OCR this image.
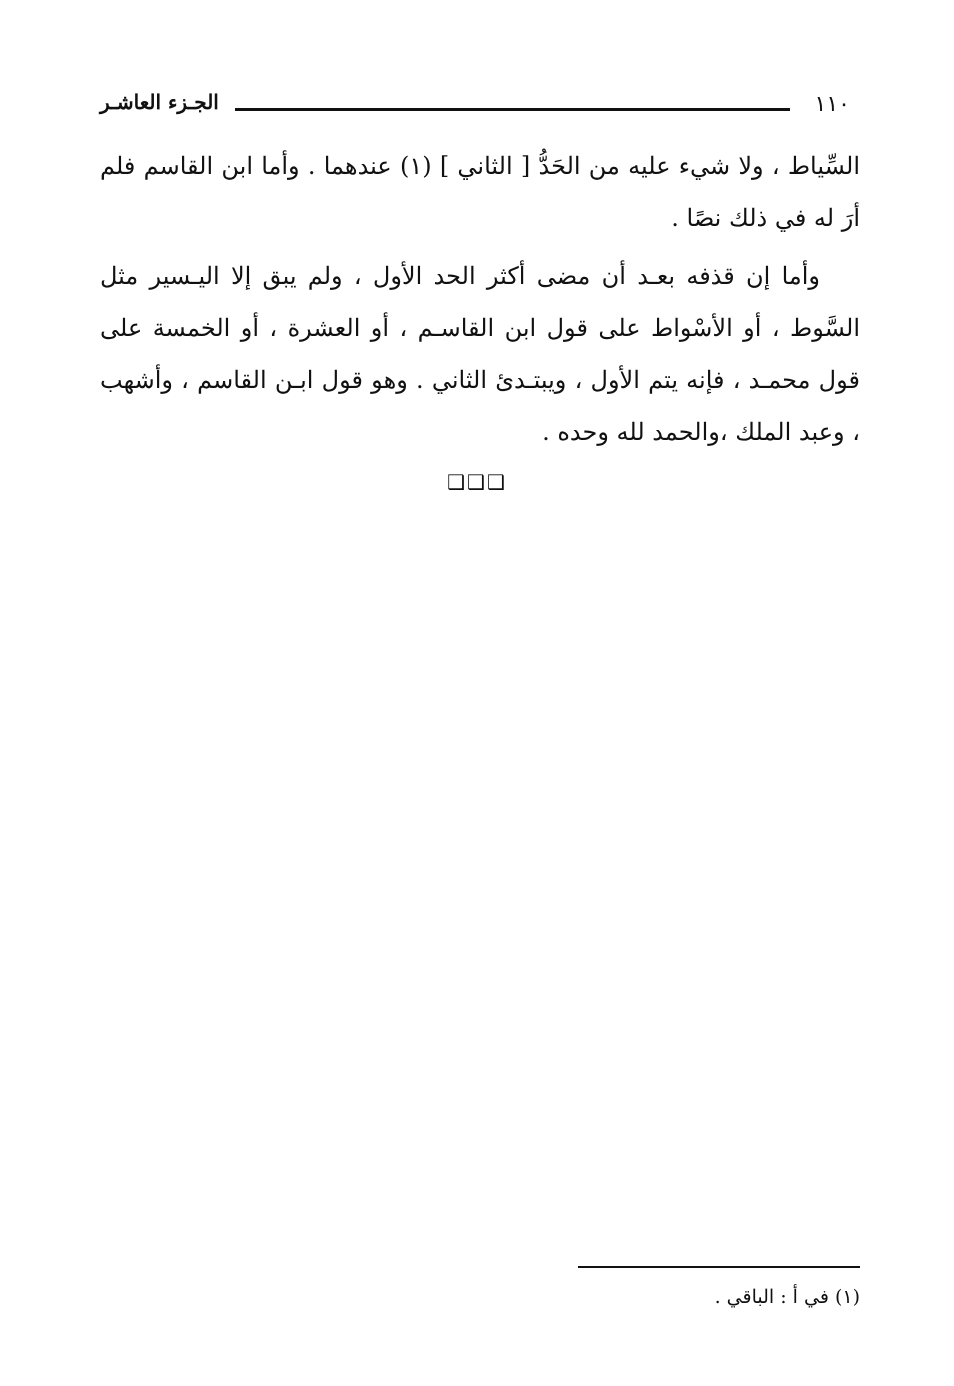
١١٠
الجـزء العاشـر

السِّياط ، ولا شيء عليه من الحَدُّ [ الثاني ] (١) عندهما . وأما ابن القاسم فلم أرَ له في ذلك نصًا .

وأما إن قذفه بعـد أن مضى أكثر الحد الأول ، ولم يبق إلا اليـسير مثل السَّوط ، أو الأسْواط على قول ابن القاسـم ، أو العشرة ، أو الخمسة على قول محمـد ، فإنه يتم الأول ، ويبتـدئ الثاني . وهو قول ابـن القاسم ، وأشهب ، وعبد الملك ،والحمد لله وحده .

❑❑❑
(١) في أ : الباقي .
